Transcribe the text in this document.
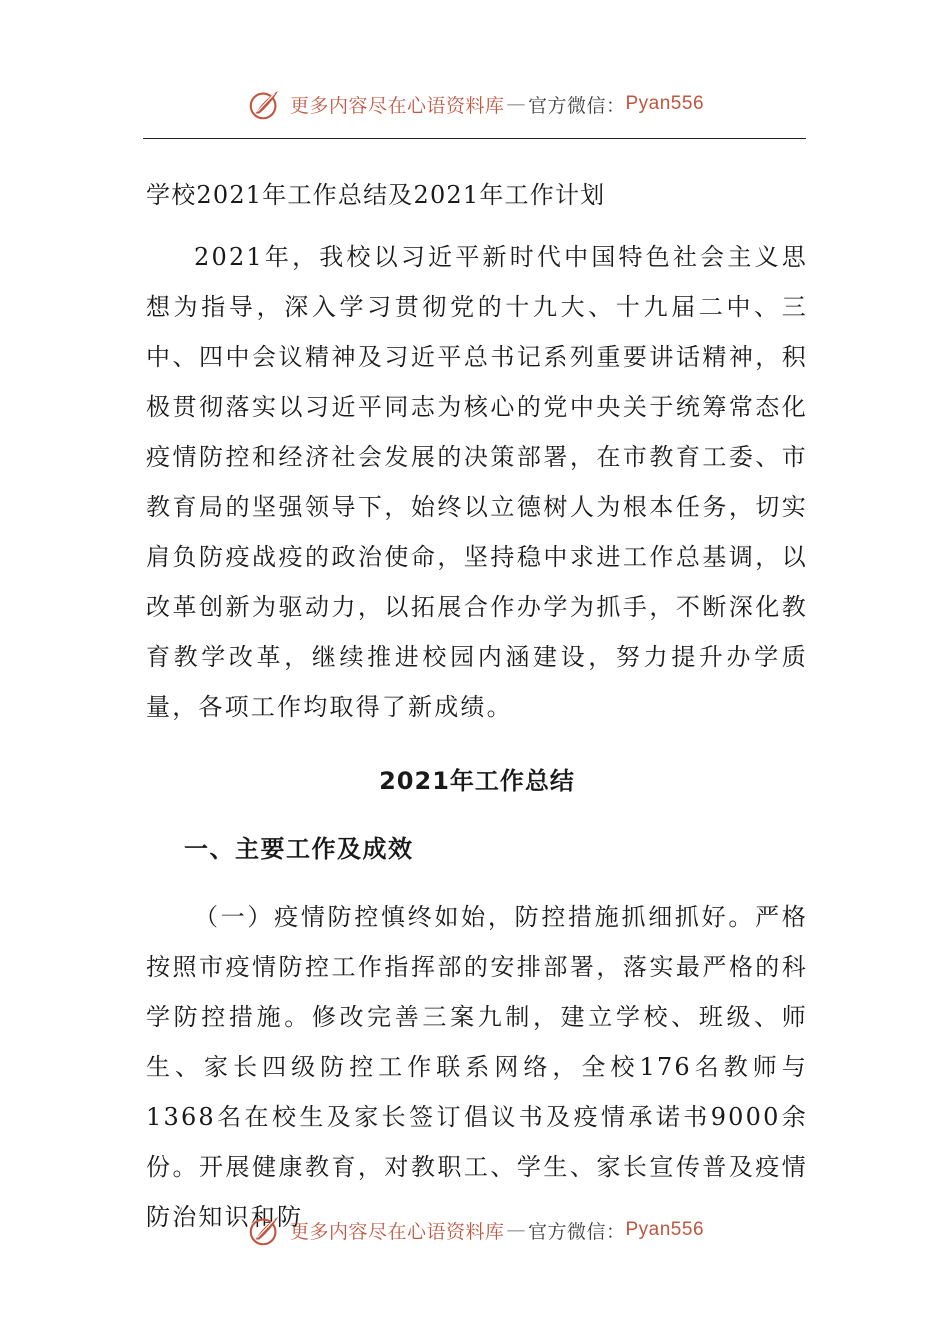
更多内容尽在心语资料库 — 官方微信： Pyan556
学校2021年工作总结及2021年工作计划

2021年，我校以习近平新时代中国特色社会主义思想为指导，深入学习贯彻党的十九大、十九届二中、三中、四中会议精神及习近平总书记系列重要讲话精神，积极贯彻落实以习近平同志为核心的党中央关于统筹常态化疫情防控和经济社会发展的决策部署，在市教育工委、市教育局的坚强领导下，始终以立德树人为根本任务，切实肩负防疫战疫的政治使命，坚持稳中求进工作总基调，以改革创新为驱动力，以拓展合作办学为抓手，不断深化教育教学改革，继续推进校园内涵建设，努力提升办学质量，各项工作均取得了新成绩。

2021年工作总结
一、主要工作及成效

（一）疫情防控慎终如始，防控措施抓细抓好。严格按照市疫情防控工作指挥部的安排部署，落实最严格的科学防控措施。修改完善三案九制，建立学校、班级、师生、家长四级防控工作联系网络，全校176名教师与1368名在校生及家长签订倡议书及疫情承诺书9000余份。开展健康教育，对教职工、学生、家长宣传普及疫情防治知识和防

更多内容尽在心语资料库 — 官方微信： Pyan556
